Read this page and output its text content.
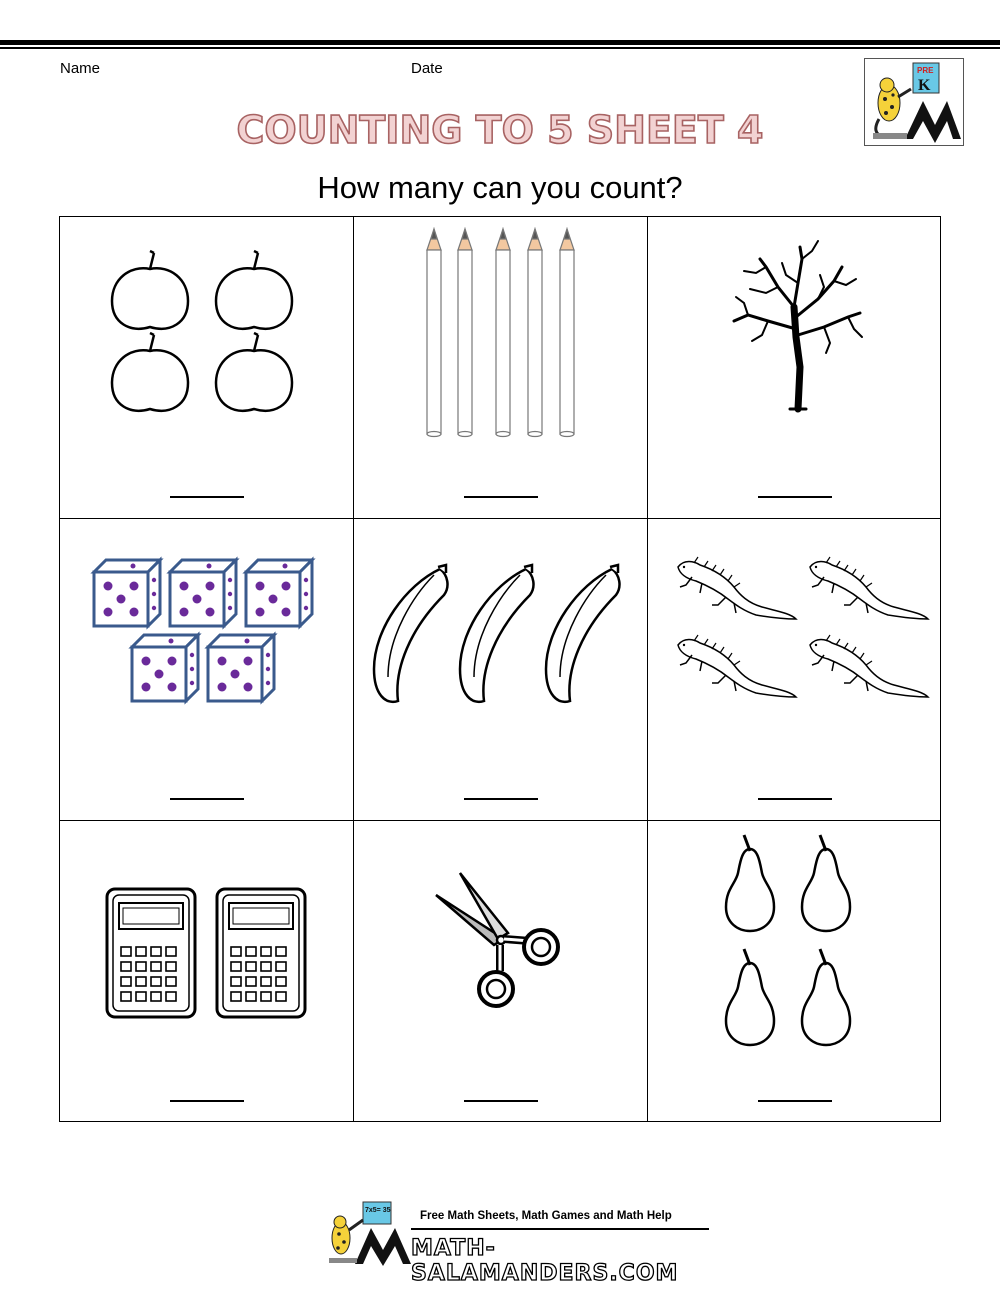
Name	Date	PRE
K
COUNTING TO 5 SHEET 4
How many can you count?
7x5= 35	Free Math Sheets, Math Games and Math Help
MATH-SALAMANDERS.COM
